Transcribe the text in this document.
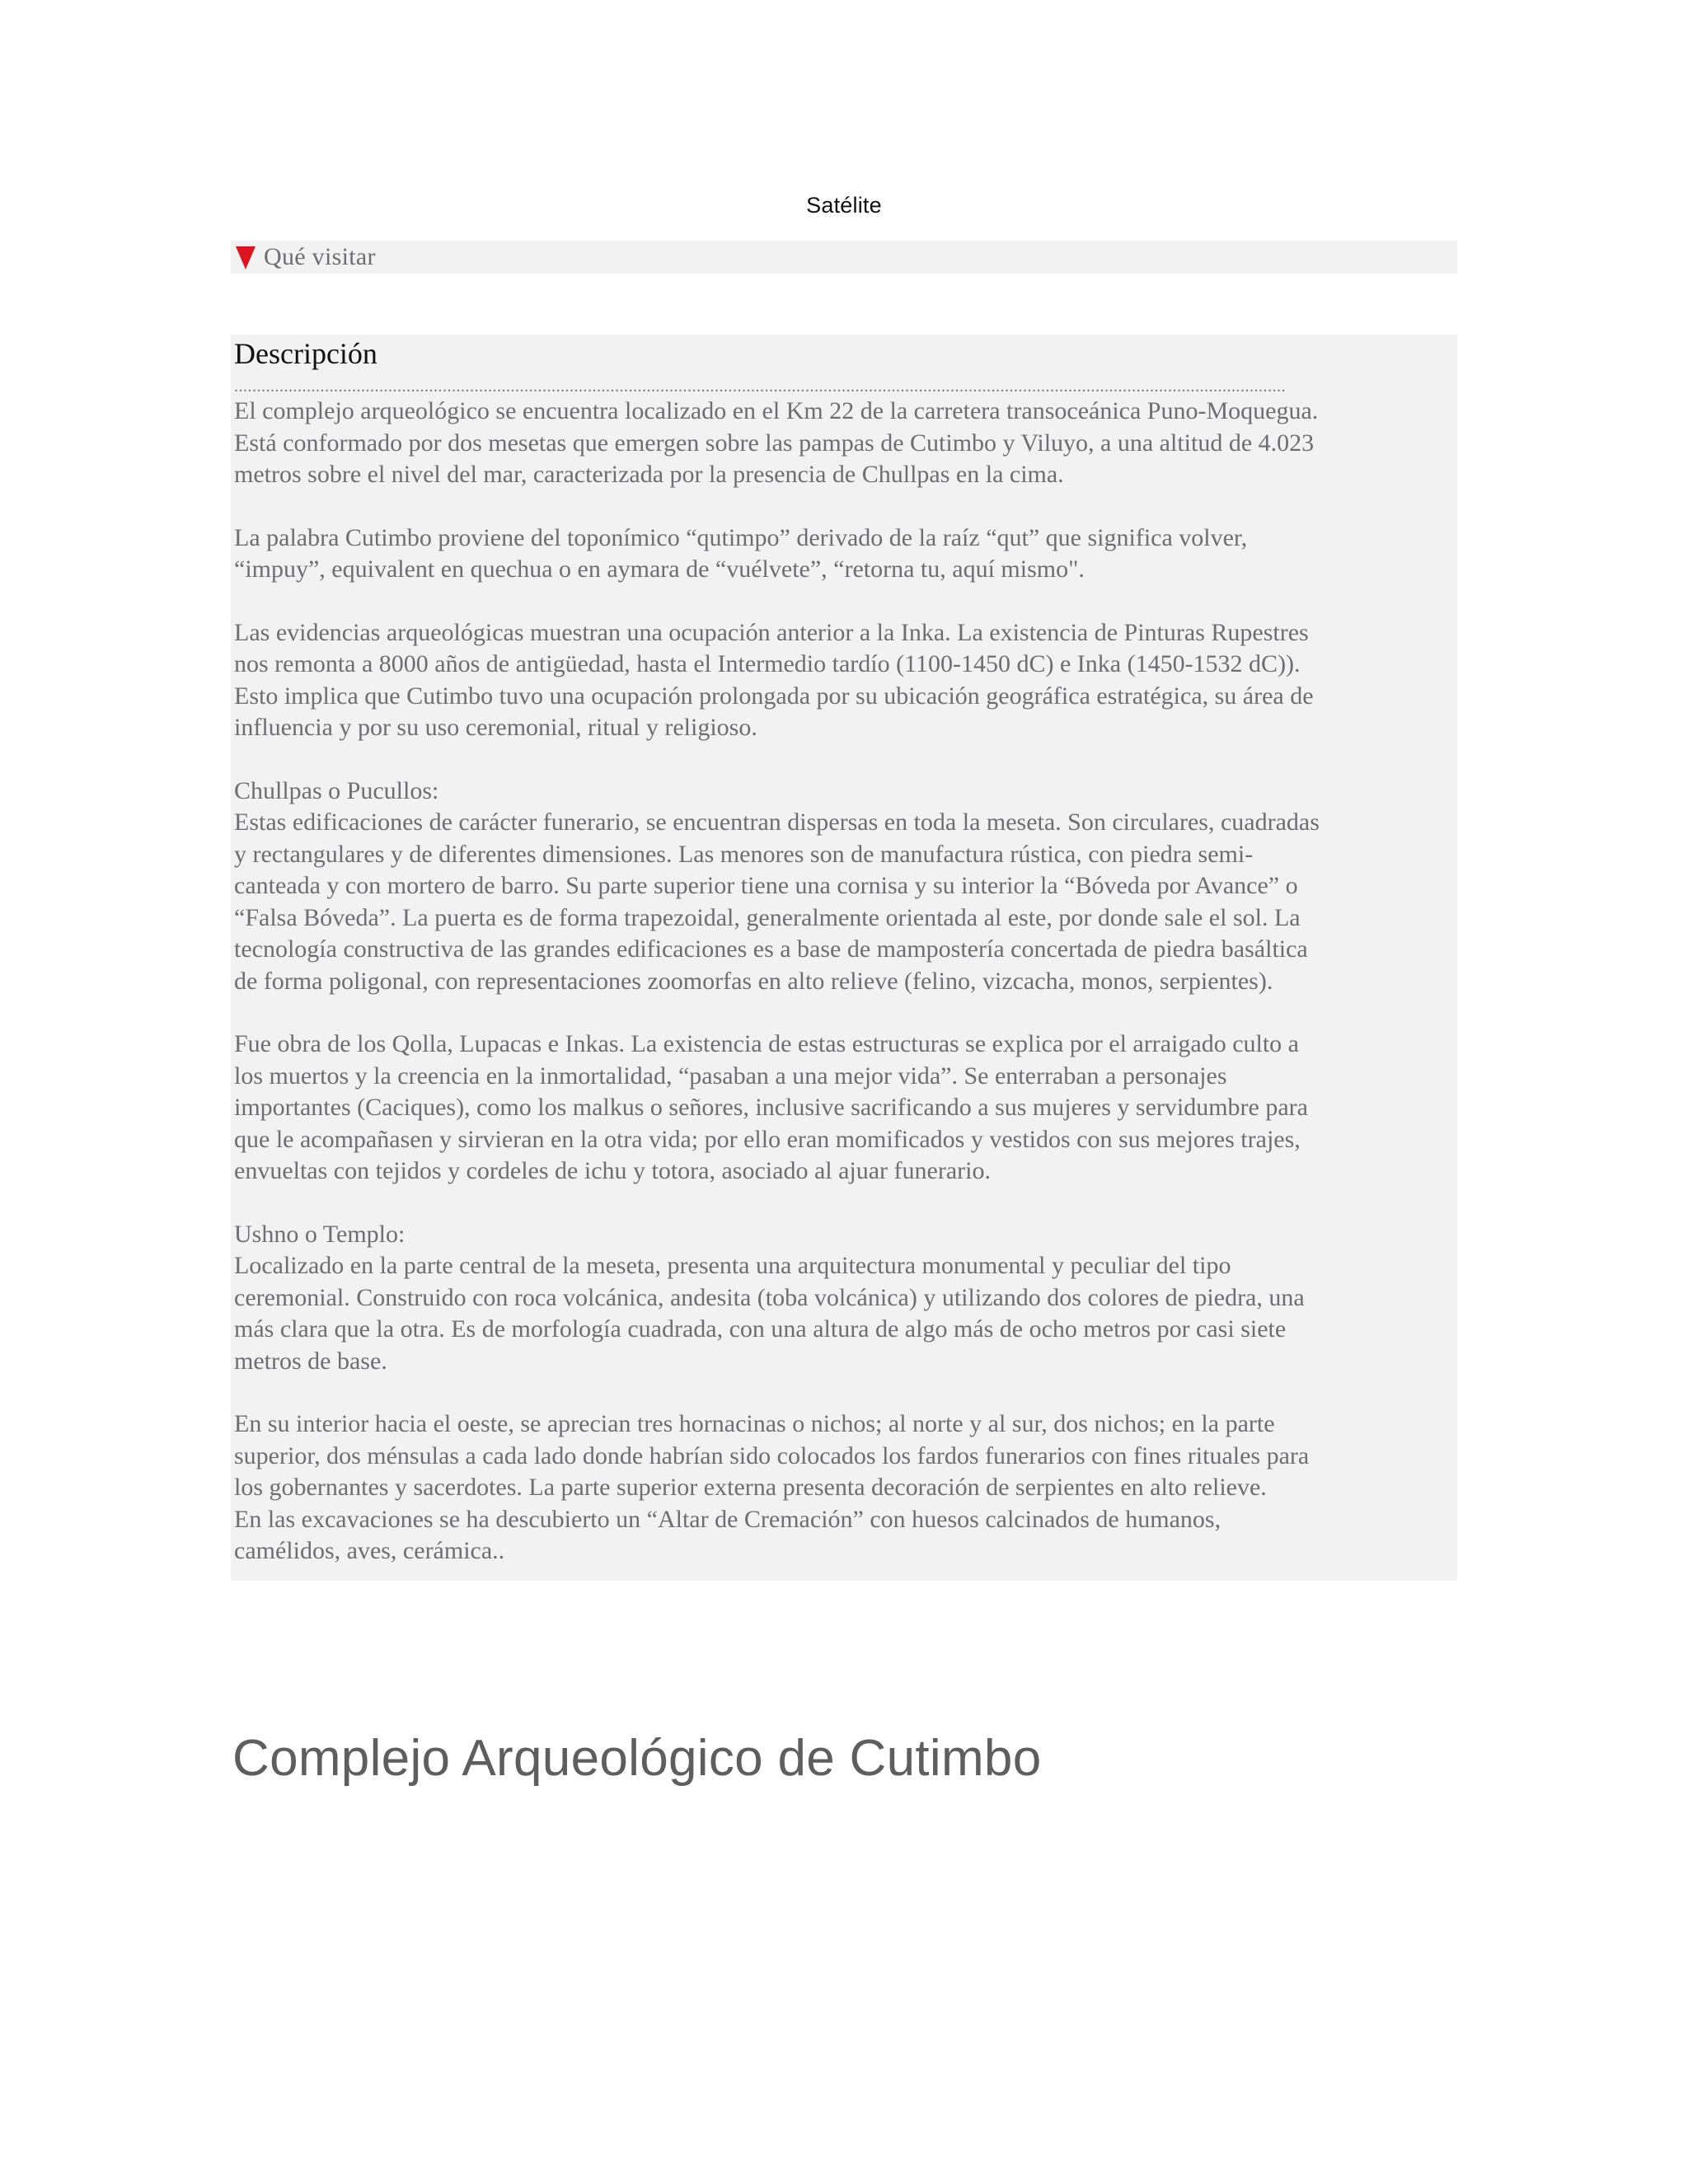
Satélite
Qué visitar
Descripción
........................................................................................................................................................................................................................................

El complejo arqueológico se encuentra localizado en el Km 22 de la carretera transoceánica Puno-Moquegua.
Está conformado por dos mesetas que emergen sobre las pampas de Cutimbo y Viluyo, a una altitud de 4.023
metros sobre el nivel del mar, caracterizada por la presencia de Chullpas en la cima.

La palabra Cutimbo proviene del toponímico “qutimpo” derivado de la raíz “qut” que significa volver,
“impuy”, equivalent en quechua o en aymara de “vuélvete”, “retorna tu, aquí mismo".

Las evidencias arqueológicas muestran una ocupación anterior a la Inka. La existencia de Pinturas Rupestres
nos remonta a 8000 años de antigüedad, hasta el Intermedio tardío (1100-1450 dC) e Inka (1450-1532 dC)).
Esto implica que Cutimbo tuvo una ocupación prolongada por su ubicación geográfica estratégica, su área de
influencia y por su uso ceremonial, ritual y religioso.

Chullpas o Pucullos:
Estas edificaciones de carácter funerario, se encuentran dispersas en toda la meseta. Son circulares, cuadradas
y rectangulares y de diferentes dimensiones. Las menores son de manufactura rústica, con piedra semi-
canteada y con mortero de barro. Su parte superior tiene una cornisa y su interior la “Bóveda por Avance” o
“Falsa Bóveda”. La puerta es de forma trapezoidal, generalmente orientada al este, por donde sale el sol. La
tecnología constructiva de las grandes edificaciones es a base de mampostería concertada de piedra basáltica
de forma poligonal, con representaciones zoomorfas en alto relieve (felino, vizcacha, monos, serpientes).

Fue obra de los Qolla, Lupacas e Inkas. La existencia de estas estructuras se explica por el arraigado culto a
los muertos y la creencia en la inmortalidad, “pasaban a una mejor vida”. Se enterraban a personajes
importantes (Caciques), como los malkus o señores, inclusive sacrificando a sus mujeres y servidumbre para
que le acompañasen y sirvieran en la otra vida; por ello eran momificados y vestidos con sus mejores trajes,
envueltas con tejidos y cordeles de ichu y totora, asociado al ajuar funerario.

Ushno o Templo:
Localizado en la parte central de la meseta, presenta una arquitectura monumental y peculiar del tipo
ceremonial. Construido con roca volcánica, andesita (toba volcánica) y utilizando dos colores de piedra, una
más clara que la otra. Es de morfología cuadrada, con una altura de algo más de ocho metros por casi siete
metros de base.

En su interior hacia el oeste, se aprecian tres hornacinas o nichos; al norte y al sur, dos nichos; en la parte
superior, dos ménsulas a cada lado donde habrían sido colocados los fardos funerarios con fines rituales para
los gobernantes y sacerdotes. La parte superior externa presenta decoración de serpientes en alto relieve.
En las excavaciones se ha descubierto un “Altar de Cremación” con huesos calcinados de humanos,
camélidos, aves, cerámica..

Complejo Arqueológico de Cutimbo
